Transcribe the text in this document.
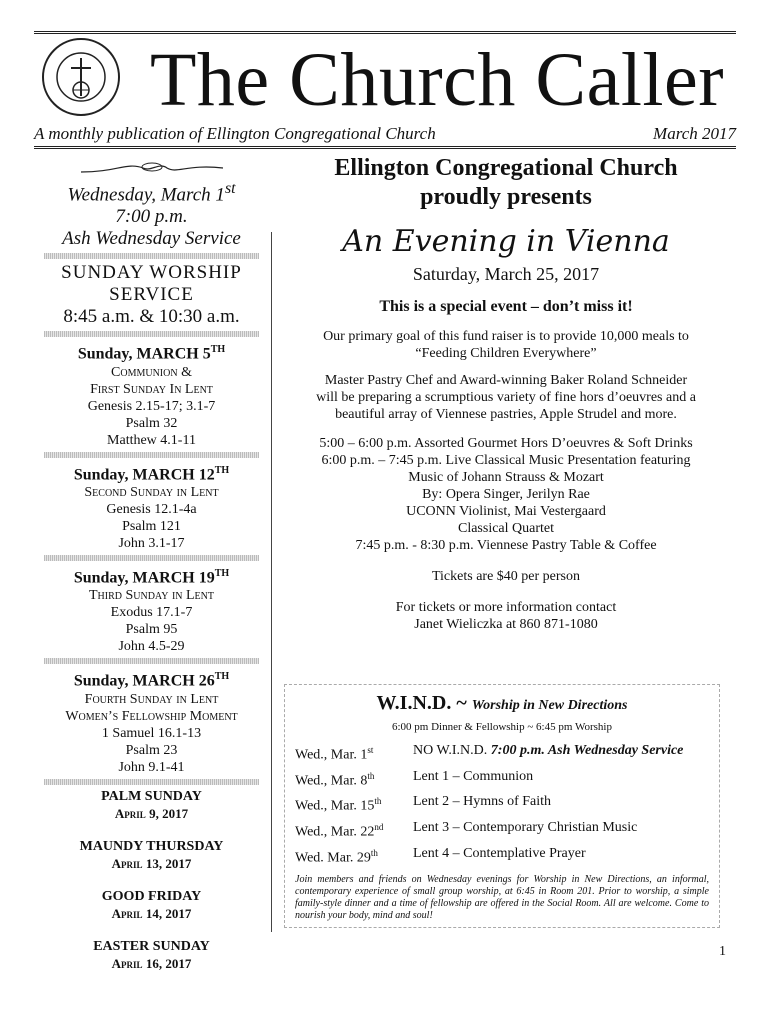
The Church Caller
A monthly publication of Ellington Congregational Church	March 2017
Wednesday, March 1st
7:00 p.m.
Ash Wednesday Service
SUNDAY WORSHIP
SERVICE
8:45 a.m. & 10:30 a.m.
Sunday, MARCH 5TH
Communion &
First Sunday In Lent
Genesis 2.15-17; 3.1-7
Psalm 32
Matthew 4.1-11
Sunday, MARCH 12TH
Second Sunday in Lent
Genesis 12.1-4a
Psalm 121
John 3.1-17
Sunday, MARCH 19TH
Third Sunday in Lent
Exodus 17.1-7
Psalm 95
John 4.5-29
Sunday, MARCH 26TH
Fourth Sunday in Lent
Women’s Fellowship Moment
1 Samuel 16.1-13
Psalm 23
John 9.1-41
PALM SUNDAY
April 9, 2017
MAUNDY THURSDAY
April 13, 2017
GOOD FRIDAY
April 14, 2017
EASTER SUNDAY
April 16, 2017
Ellington Congregational Church
proudly presents
An Evening in Vienna
Saturday, March 25, 2017
This is a special event – don’t miss it!
Our primary goal of this fund raiser is to provide 10,000 meals to
“Feeding Children Everywhere”
Master Pastry Chef and Award-winning Baker Roland Schneider
will be preparing a scrumptious variety of fine hors d’oeuvres and a
beautiful array of Viennese pastries, Apple Strudel and more.
5:00 – 6:00 p.m. Assorted Gourmet Hors D’oeuvres & Soft Drinks
6:00 p.m. – 7:45 p.m. Live Classical Music Presentation featuring
Music of Johann Strauss & Mozart
By: Opera Singer, Jerilyn Rae
UCONN Violinist, Mai Vestergaard
Classical Quartet
7:45 p.m. - 8:30 p.m. Viennese Pastry Table & Coffee
Tickets are $40 per person
For tickets or more information contact
Janet Wieliczka at 860 871-1080
W.I.N.D. ~ Worship in New Directions
6:00 pm Dinner & Fellowship ~ 6:45 pm Worship
Wed., Mar. 1st	NO W.I.N.D. 7:00 p.m. Ash Wednesday Service
Wed., Mar. 8th	Lent 1 – Communion
Wed., Mar. 15th	Lent 2 – Hymns of Faith
Wed., Mar. 22nd	Lent 3 – Contemporary Christian Music
Wed. Mar. 29th	Lent 4 – Contemplative Prayer
Join members and friends on Wednesday evenings for Worship in New Directions, an informal, contemporary experience of small group worship, at 6:45 in Room 201. Prior to worship, a simple family-style dinner and a time of fellowship are offered in the Social Room. All are welcome. Come to nourish your body, mind and soul!
1
